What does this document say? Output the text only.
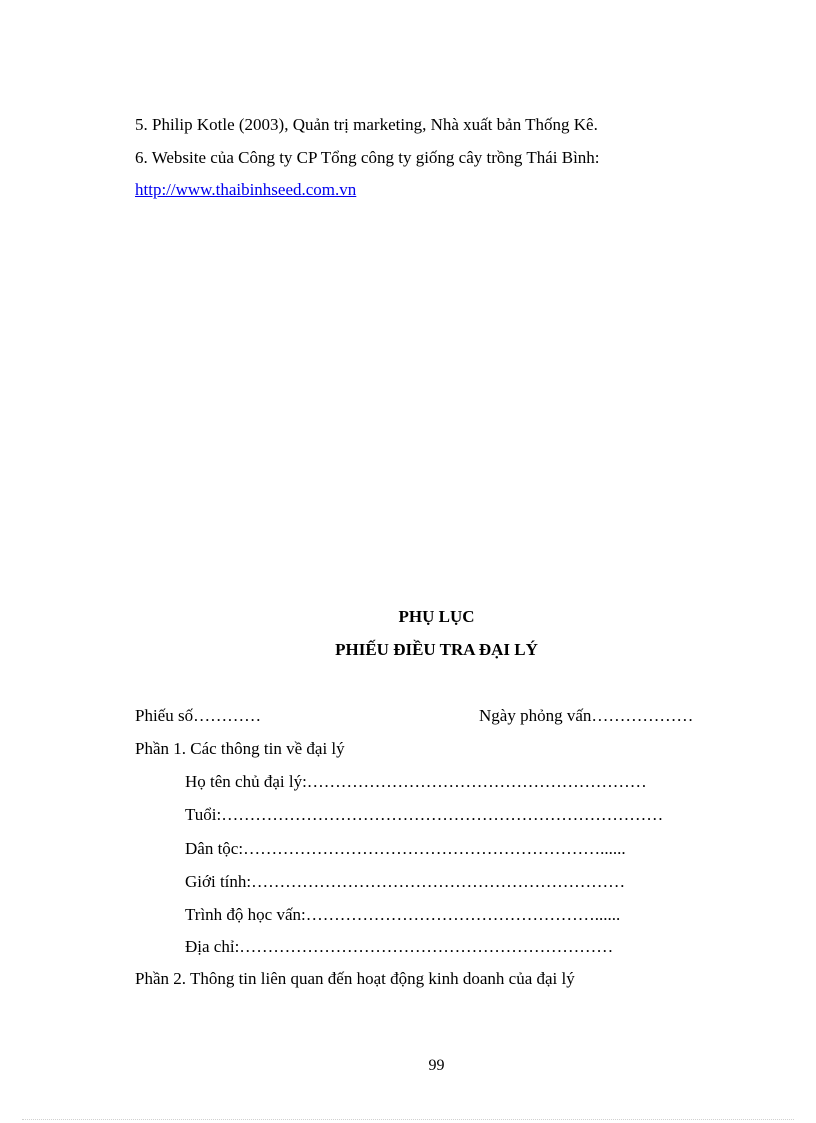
5. Philip Kotle (2003), Quản trị marketing, Nhà xuất bản Thống Kê.
6. Website của Công ty CP Tổng công ty giống cây trồng Thái Bình:
http://www.thaibinhseed.com.vn
PHỤ LỤC
PHIẾU ĐIỀU TRA ĐẠI LÝ
Phiếu số…………	Ngày phỏng vấn………………
Phần 1. Các thông tin về đại lý
Họ tên chủ đại lý:……………………………………………………
Tuổi:……………………………………………………………………
Dân tộc:………………………………………………………......
Giới tính:…………………………………………………………
Trình độ học vấn:……………………………………………......
Địa chỉ:…………………………………………………………
Phần 2. Thông tin liên quan đến hoạt động kinh doanh của đại lý
99
